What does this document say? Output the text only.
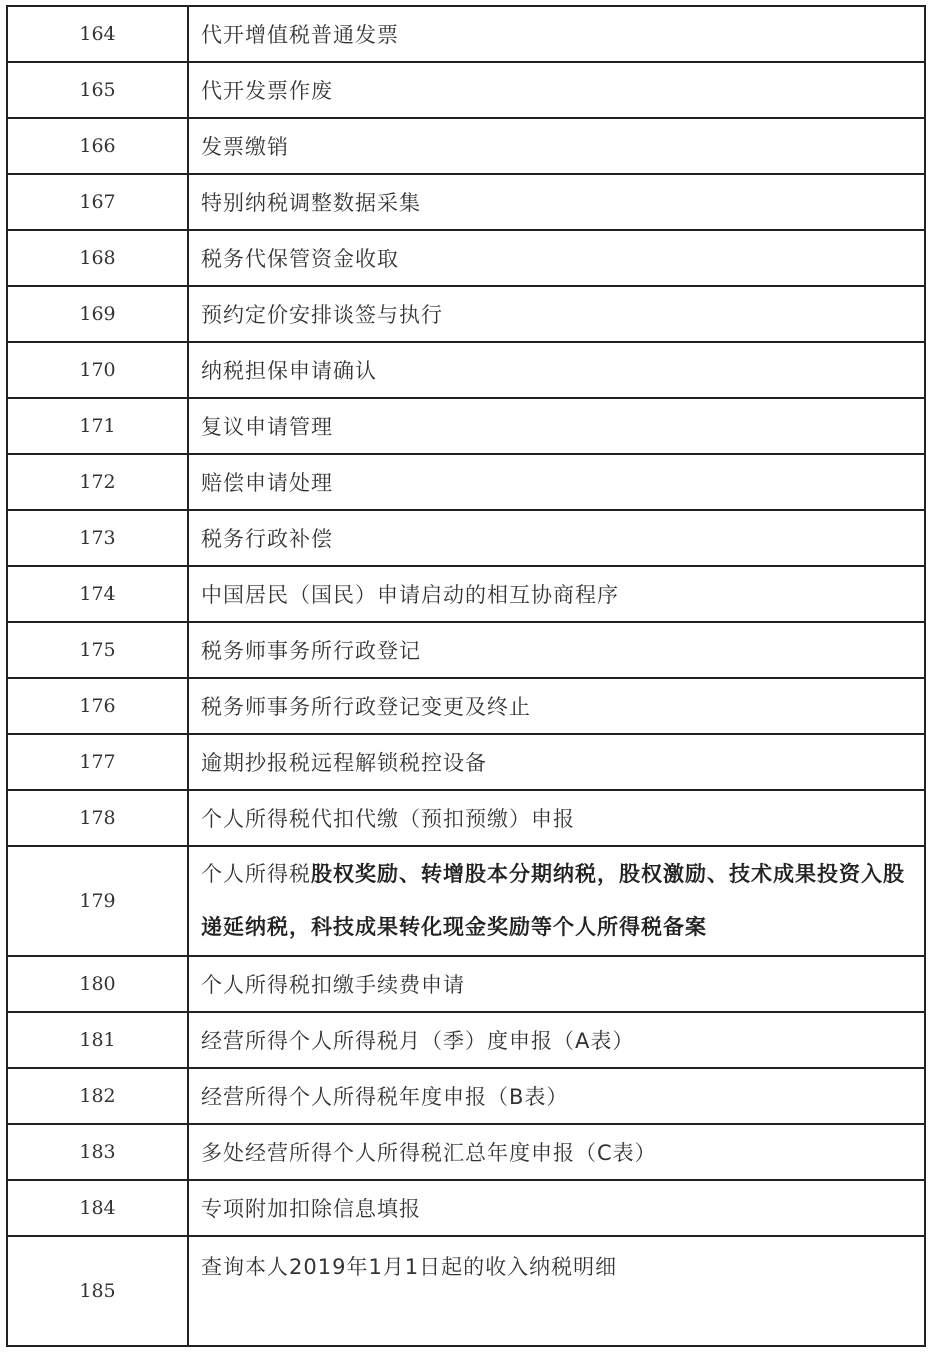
164	代开增值税普通发票
165	代开发票作废
166	发票缴销
167	特别纳税调整数据采集
168	税务代保管资金收取
169	预约定价安排谈签与执行
170	纳税担保申请确认
171	复议申请管理
172	赔偿申请处理
173	税务行政补偿
174	中国居民（国民）申请启动的相互协商程序
175	税务师事务所行政登记
176	税务师事务所行政登记变更及终止
177	逾期抄报税远程解锁税控设备
178	个人所得税代扣代缴（预扣预缴）申报
179	个人所得税股权奖励、转增股本分期纳税，股权激励、技术成果投资入股递延纳税，科技成果转化现金奖励等个人所得税备案
180	个人所得税扣缴手续费申请
181	经营所得个人所得税月（季）度申报（A表）
182	经营所得个人所得税年度申报（B表）
183	多处经营所得个人所得税汇总年度申报（C表）
184	专项附加扣除信息填报
185	查询本人2019年1月1日起的收入纳税明细
